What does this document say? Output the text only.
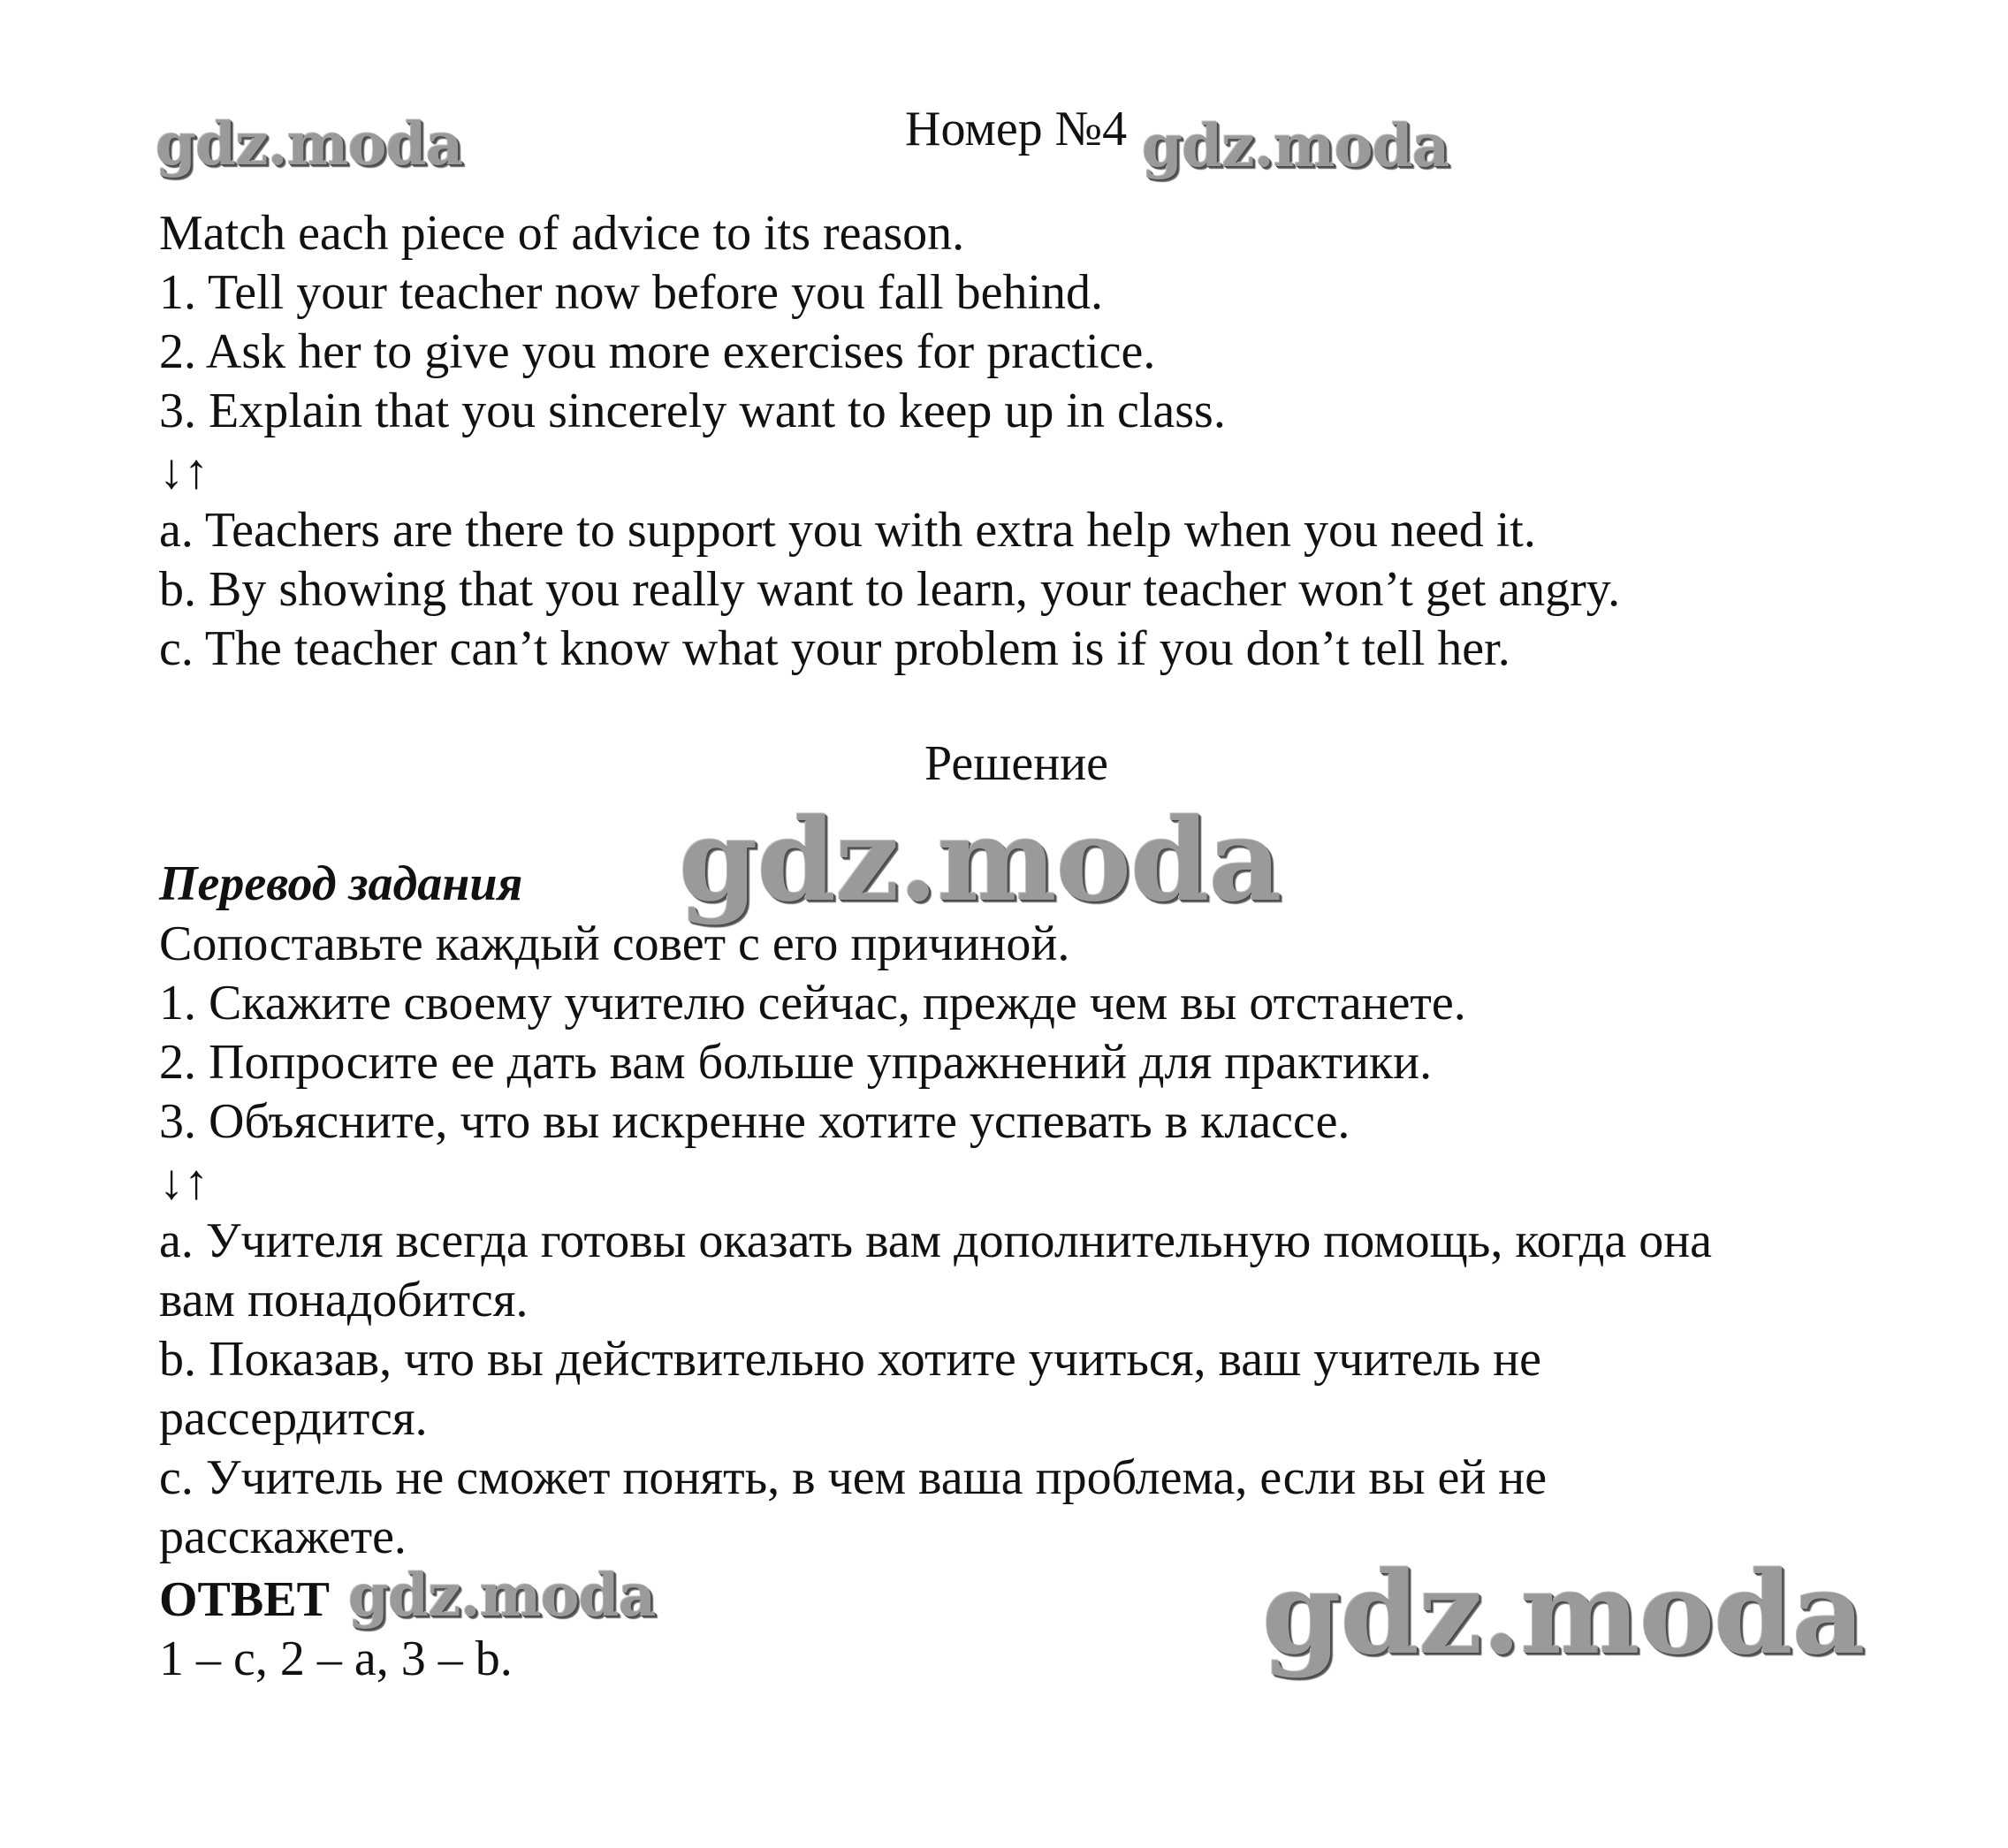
gdz.moda	gdz.moda
gdz.moda
gdz.moda	gdz.moda
Номер №4
Match each piece of advice to its reason.
1. Tell your teacher now before you fall behind.
2. Ask her to give you more exercises for practice.
3. Explain that you sincerely want to keep up in class.
↓↑
a. Teachers are there to support you with extra help when you need it.
b. By showing that you really want to learn, your teacher won’t get angry.
c. The teacher can’t know what your problem is if you don’t tell her.
Решение
Перевод задания
Сопоставьте каждый совет с его причиной.
1. Скажите своему учителю сейчас, прежде чем вы отстанете.
2. Попросите ее дать вам больше упражнений для практики.
3. Объясните, что вы искренне хотите успевать в классе.
↓↑
a. Учителя всегда готовы оказать вам дополнительную помощь, когда она
вам понадобится.
b. Показав, что вы действительно хотите учиться, ваш учитель не
рассердится.
c. Учитель не сможет понять, в чем ваша проблема, если вы ей не
расскажете.
ОТВЕТ
1 – c, 2 – a, 3 – b.
